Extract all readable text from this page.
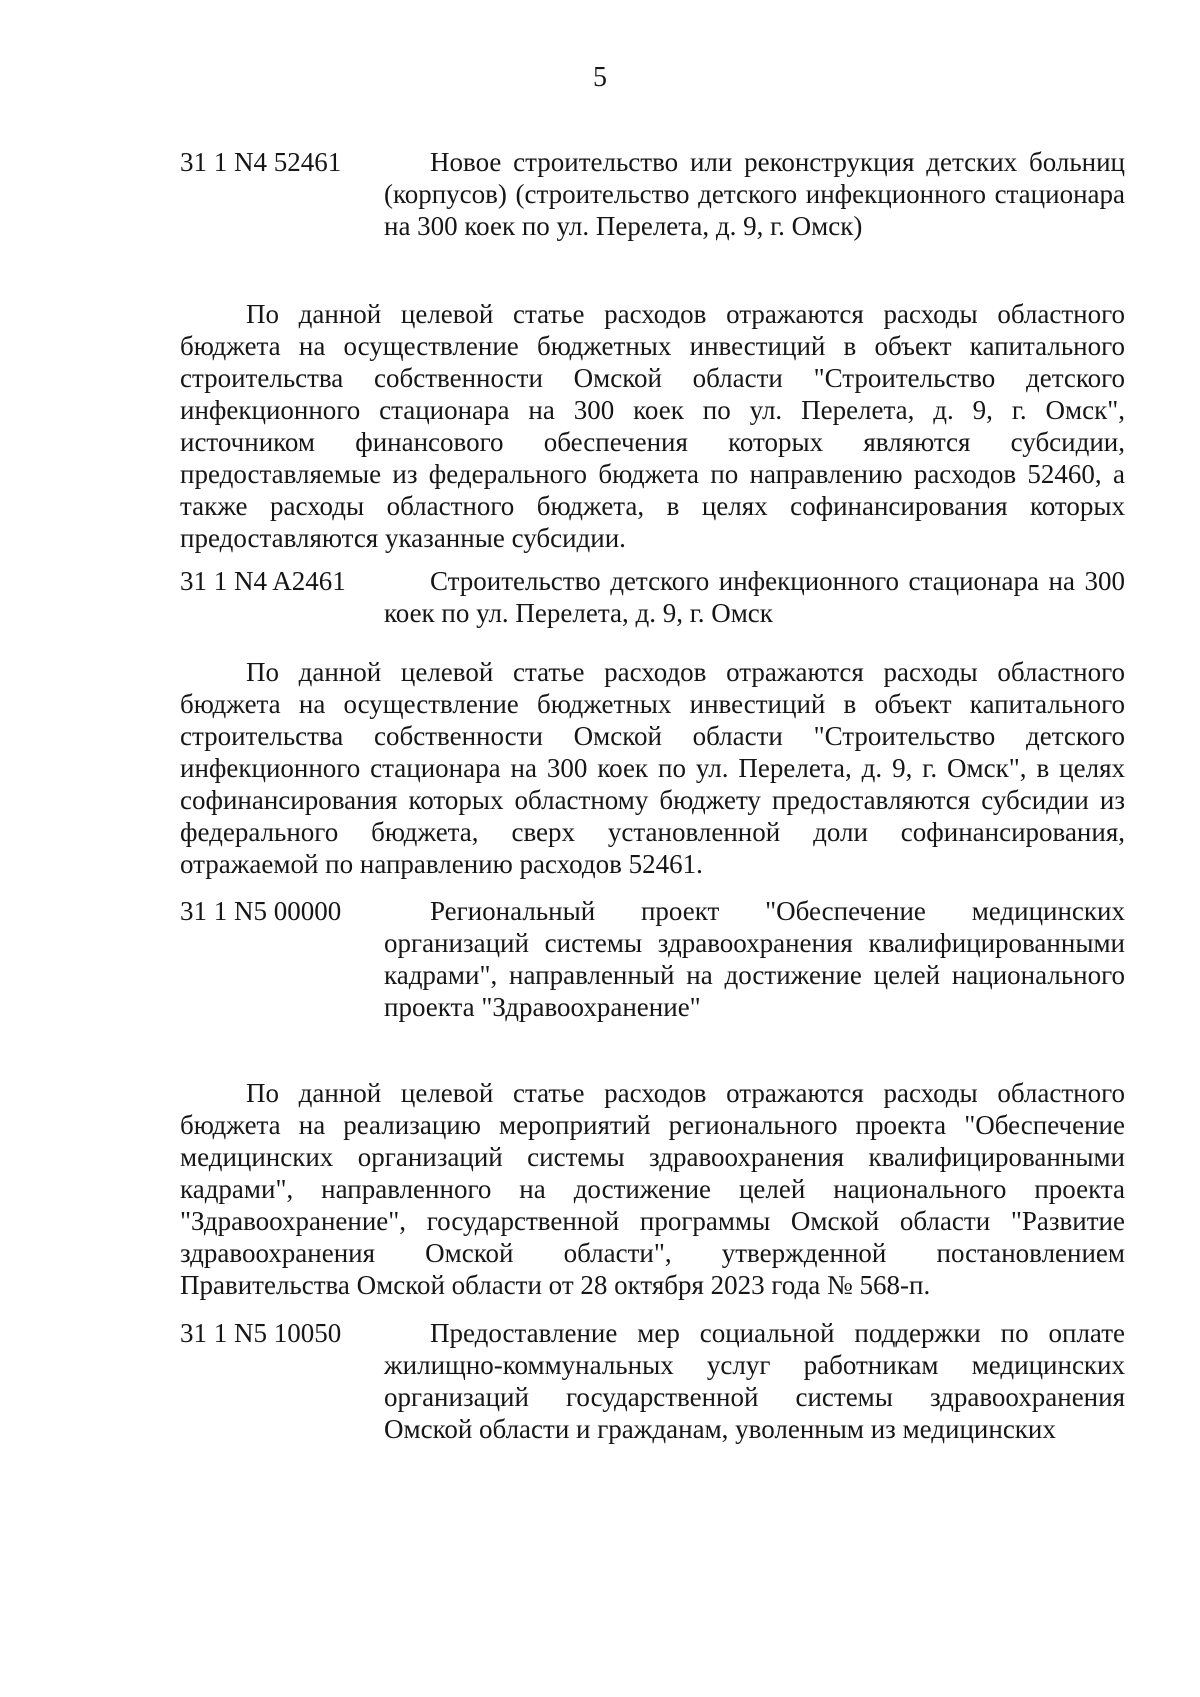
5
31 1 N4 52461	Новое строительство или реконструкция детских больниц (корпусов) (строительство детского инфекционного стационара на 300 коек по ул. Перелета, д. 9, г. Омск)

По данной целевой статье расходов отражаются расходы областного бюджета на осуществление бюджетных инвестиций в объект капитального строительства собственности Омской области "Строительство детского инфекционного стационара на 300 коек по ул. Перелета, д. 9, г. Омск", источником финансового обеспечения которых являются субсидии, предоставляемые из федерального бюджета по направлению расходов 52460, а также расходы областного бюджета, в целях софинансирования которых предоставляются указанные субсидии.

31 1 N4 A2461	Строительство детского инфекционного стационара на 300 коек по ул. Перелета, д. 9, г. Омск

По данной целевой статье расходов отражаются расходы областного бюджета на осуществление бюджетных инвестиций в объект капитального строительства собственности Омской области "Строительство детского инфекционного стационара на 300 коек по ул. Перелета, д. 9, г. Омск", в целях софинансирования которых областному бюджету предоставляются субсидии из федерального бюджета, сверх установленной доли софинансирования, отражаемой по направлению расходов 52461.

31 1 N5 00000	Региональный проект "Обеспечение медицинских организаций системы здравоохранения квалифицированными кадрами", направленный на достижение целей национального проекта "Здравоохранение"

По данной целевой статье расходов отражаются расходы областного бюджета на реализацию мероприятий регионального проекта "Обеспечение медицинских организаций системы здравоохранения квалифицированными кадрами", направленного на достижение целей национального проекта "Здравоохранение", государственной программы Омской области "Развитие здравоохранения Омской области", утвержденной постановлением Правительства Омской области от 28 октября 2023 года № 568-п.

31 1 N5 10050	Предоставление мер социальной поддержки по оплате жилищно-коммунальных услуг работникам медицинских организаций государственной системы здравоохранения Омской области и гражданам, уволенным из медицинских
